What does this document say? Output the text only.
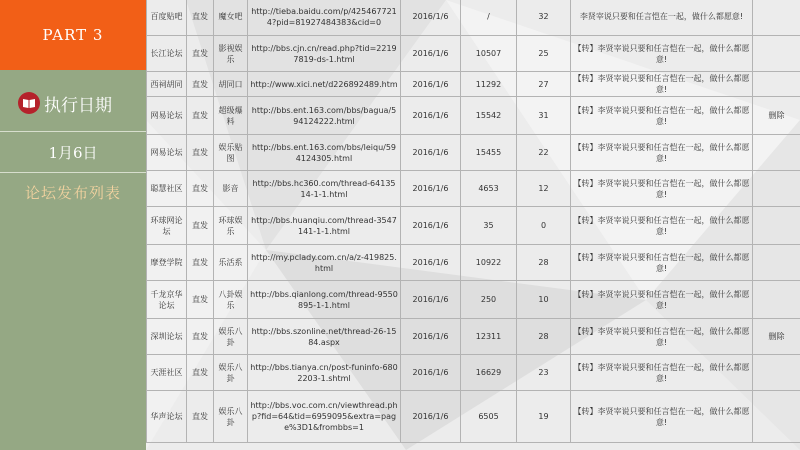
PART 3
执行日期
1月6日
论坛发布列表
百度贴吧	直发	魔女吧	http://tieba.baidu.com/p/4254677214?pid=81927484383&cid=0	2016/1/6	/	32	李贤宰说只要和任言恺在一起，做什么都愿意!	
长江论坛	直发	影视娱乐	http://bbs.cjn.cn/read.php?tid=22197819-ds-1.html	2016/1/6	10507	25	【转】李贤宰说只要和任言恺在一起，做什么都愿意!	
西祠胡同	直发	胡同口	http://www.xici.net/d226892489.htm	2016/1/6	11292	27	【转】李贤宰说只要和任言恺在一起，做什么都愿意!	
网易论坛	直发	超级爆料	http://bbs.ent.163.com/bbs/bagua/594124222.html	2016/1/6	15542	31	【转】李贤宰说只要和任言恺在一起，做什么都愿意!	删除
网易论坛	直发	娱乐贴图	http://bbs.ent.163.com/bbs/leiqu/594124305.html	2016/1/6	15455	22	【转】李贤宰说只要和任言恺在一起，做什么都愿意!	
聪慧社区	直发	影音	http://bbs.hc360.com/thread-6413514-1-1.html	2016/1/6	4653	12	【转】李贤宰说只要和任言恺在一起，做什么都愿意!	
环球网论坛	直发	环球娱乐	http://bbs.huanqiu.com/thread-3547141-1-1.html	2016/1/6	35	0	【转】李贤宰说只要和任言恺在一起，做什么都愿意!	
摩登学院	直发	乐活系	http://my.pclady.com.cn/a/z-419825.html	2016/1/6	10922	28	【转】李贤宰说只要和任言恺在一起，做什么都愿意!	
千龙京华论坛	直发	八卦娱乐	http://bbs.qianlong.com/thread-9550895-1-1.html	2016/1/6	250	10	【转】李贤宰说只要和任言恺在一起，做什么都愿意!	
深圳论坛	直发	娱乐八卦	http://bbs.szonline.net/thread-26-1584.aspx	2016/1/6	12311	28	【转】李贤宰说只要和任言恺在一起，做什么都愿意!	删除
天涯社区	直发	娱乐八卦	http://bbs.tianya.cn/post-funinfo-6802203-1.shtml	2016/1/6	16629	23	【转】李贤宰说只要和任言恺在一起，做什么都愿意!	
华声论坛	直发	娱乐八卦	http://bbs.voc.com.cn/viewthread.php?fid=64&tid=6959095&extra=page%3D1&frombbs=1	2016/1/6	6505	19	【转】李贤宰说只要和任言恺在一起，做什么都愿意!	
